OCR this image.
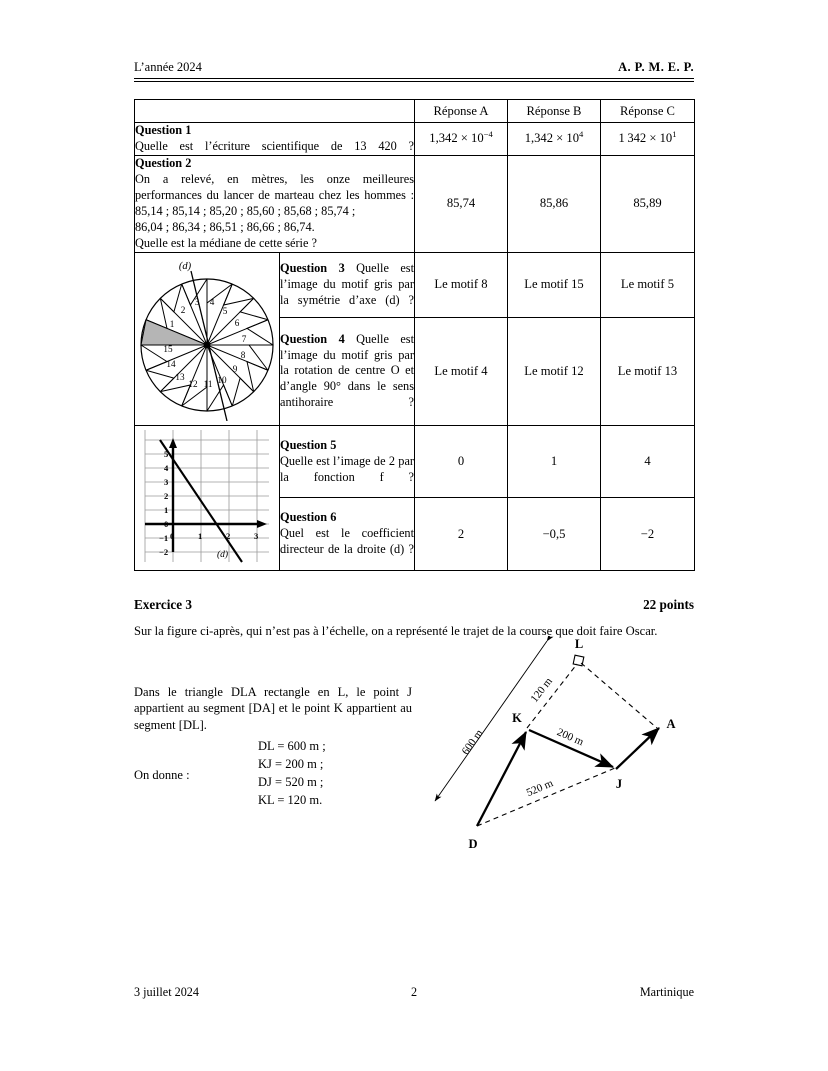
L’année 2024	A. P. M. E. P.
		Réponse A	Réponse B	Réponse C

Question 1
Quelle est l’écriture scientifique de 13 420 ?		$1,342 \times 10^{-4}$	$1,342 \times 10^4$	1 $342 \times 10^1$

Question 2
On a relevé, en mètres, les onze meilleures performances du lancer de marteau chez les hommes :
85,14 ; 85,14 ; 85,20 ; 85,60 ; 85,68 ; 85,74 ;
86,04 ; 86,34 ; 86,51 ; 86,66 ; 86,74.
Quelle est la médiane de cette série ?		85,74	85,86	85,89

(d)
1
2
3 4
5
6
7
8
9
10
11
12
13
14
15
	Question 3 Quelle est l’image du motif gris par la symétrie d’axe (d) ?	Le motif 8	Le motif 15	Le motif 5
	Question 4 Quelle est l’image du motif gris par la rotation de centre O et d’angle 90° dans le sens antihoraire ?	Le motif 4	Le motif 12	Le motif 13

5
4
3
2
1
0
−1
−2
0	1	2	3
(d)

Question 5
Quelle est l’image de 2 par la fonction f ?
	0	1	4

	Question 6
Quel est le coefficient directeur de la droite (d) ?	2	−0,5	−2
Exercice 3	22 points
Sur la figure ci-après, qui n’est pas à l’échelle, on a représenté le trajet de la course que doit faire Oscar.

Dans le triangle DLA rectangle en L, le point J appartient au segment [DA] et le point K appartient au segment [DL].

On donne :
DL = 600 m ;
KJ = 200 m ;
DJ = 520 m ;
KL = 120 m.
600 m
120 m
520 m
200 m
L
K	A
J
D
3 juillet 2024	2	Martinique
